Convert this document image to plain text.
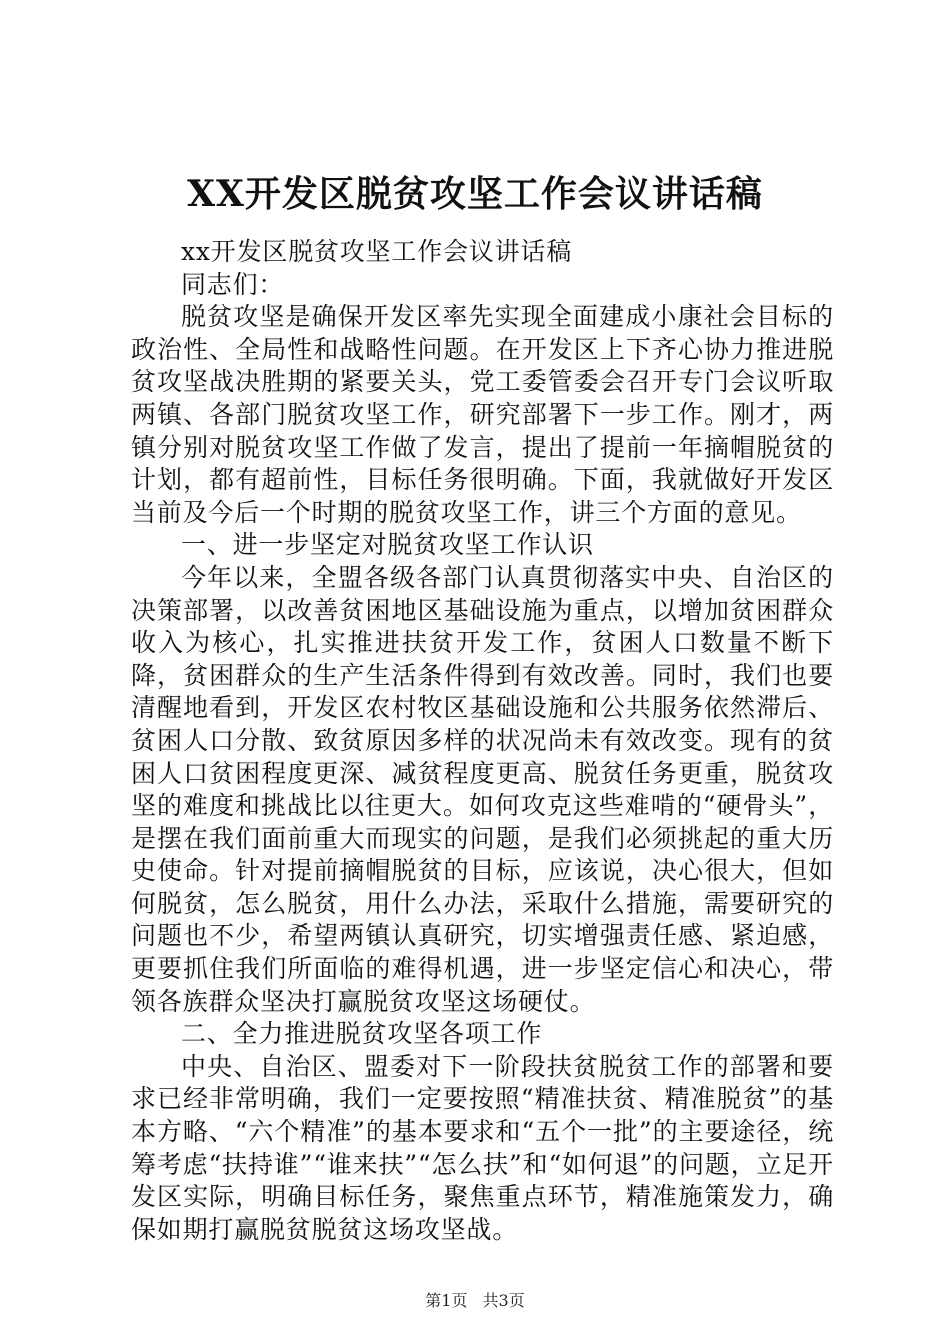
XX开发区脱贫攻坚工作会议讲话稿

xx开发区脱贫攻坚工作会议讲话稿

同志们：

脱贫攻坚是确保开发区率先实现全面建成小康社会目标的政治性、全局性和战略性问题。在开发区上下齐心协力推进脱贫攻坚战决胜期的紧要关头，党工委管委会召开专门会议听取两镇、各部门脱贫攻坚工作，研究部署下一步工作。刚才，两镇分别对脱贫攻坚工作做了发言，提出了提前一年摘帽脱贫的计划，都有超前性，目标任务很明确。下面，我就做好开发区当前及今后一个时期的脱贫攻坚工作，讲三个方面的意见。

一、进一步坚定对脱贫攻坚工作认识

今年以来，全盟各级各部门认真贯彻落实中央、自治区的决策部署，以改善贫困地区基础设施为重点，以增加贫困群众收入为核心，扎实推进扶贫开发工作，贫困人口数量不断下降，贫困群众的生产生活条件得到有效改善。同时，我们也要清醒地看到，开发区农村牧区基础设施和公共服务依然滞后、贫困人口分散、致贫原因多样的状况尚未有效改变。现有的贫困人口贫困程度更深、减贫程度更高、脱贫任务更重，脱贫攻坚的难度和挑战比以往更大。如何攻克这些难啃的“硬骨头”，是摆在我们面前重大而现实的问题，是我们必须挑起的重大历史使命。针对提前摘帽脱贫的目标，应该说，决心很大，但如何脱贫，怎么脱贫，用什么办法，采取什么措施，需要研究的问题也不少，希望两镇认真研究，切实增强责任感、紧迫感，更要抓住我们所面临的难得机遇，进一步坚定信心和决心，带领各族群众坚决打赢脱贫攻坚这场硬仗。

二、全力推进脱贫攻坚各项工作

中央、自治区、盟委对下一阶段扶贫脱贫工作的部署和要求已经非常明确，我们一定要按照“精准扶贫、精准脱贫”的基本方略、“六个精准”的基本要求和“五个一批”的主要途径，统筹考虑“扶持谁”“谁来扶”“怎么扶”和“如何退”的问题，立足开发区实际，明确目标任务，聚焦重点环节，精准施策发力，确保如期打赢脱贫脱贫这场攻坚战。

第1页 共3页
